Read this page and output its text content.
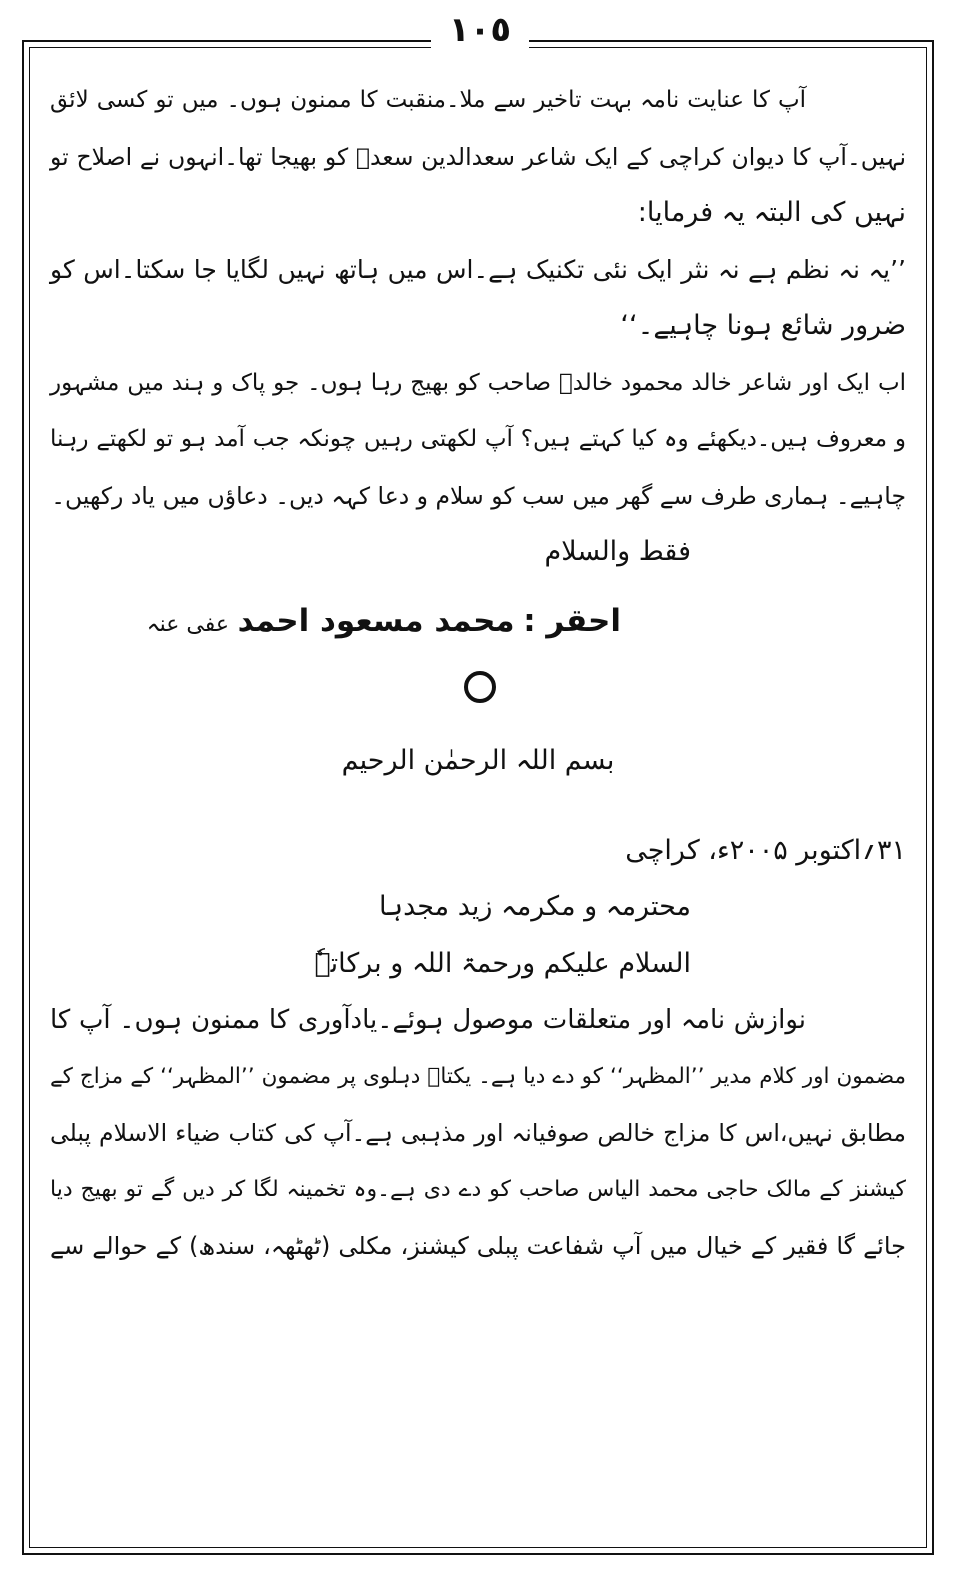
١٠٥
آپ کا عنایت نامہ بہت تاخیر سے ملا۔منقبت کا ممنون ہوں۔ میں تو کسی لائق
نہیں۔آپ کا دیوان کراچی کے ایک شاعر سعدالدین سعدؔ کو بھیجا تھا۔انہوں نے اصلاح تو
نہیں کی البتہ یہ فرمایا:
’’یہ نہ نظم ہے نہ نثر ایک نئی تکنیک ہے۔اس میں ہاتھ نہیں لگایا جا سکتا۔اس کو
ضرور شائع ہونا چاہیے۔‘‘
اب ایک اور شاعر خالد محمود خالدؔ صاحب کو بھیج رہا ہوں۔ جو پاک و ہند میں مشہور
و معروف ہیں۔دیکھئے وہ کیا کہتے ہیں؟ آپ لکھتی رہیں چونکہ جب آمد ہو تو لکھتے رہنا
چاہیے۔ ہماری طرف سے گھر میں سب کو سلام و دعا کہہ دیں۔ دعاؤں میں یاد رکھیں۔
فقط والسلام
احقر : محمد مسعود احمد عفی عنہ
بسم اللہ الرحمٰن الرحیم
۳۱؍اکتوبر ۲۰۰۵ء، کراچی
محترمہ و مکرمہ زید مجدہا
السلام علیکم ورحمۃ اللہ و برکاتہٗ
نوازش نامہ اور متعلقات موصول ہوئے۔یادآوری کا ممنون ہوں۔ آپ کا
مضمون اور کلام مدیر ’’المظہر‘‘ کو دے دیا ہے۔ یکتاؔ دہلوی پر مضمون ’’المظہر‘‘ کے مزاج کے
مطابق نہیں،اس کا مزاج خالص صوفیانہ اور مذہبی ہے۔آپ کی کتاب ضیاء الاسلام پبلی
کیشنز کے مالک حاجی محمد الیاس صاحب کو دے دی ہے۔وہ تخمینہ لگا کر دیں گے تو بھیج دیا
جائے گا فقیر کے خیال میں آپ شفاعت پبلی کیشنز، مکلی (ٹھٹھہ، سندھ) کے حوالے سے
